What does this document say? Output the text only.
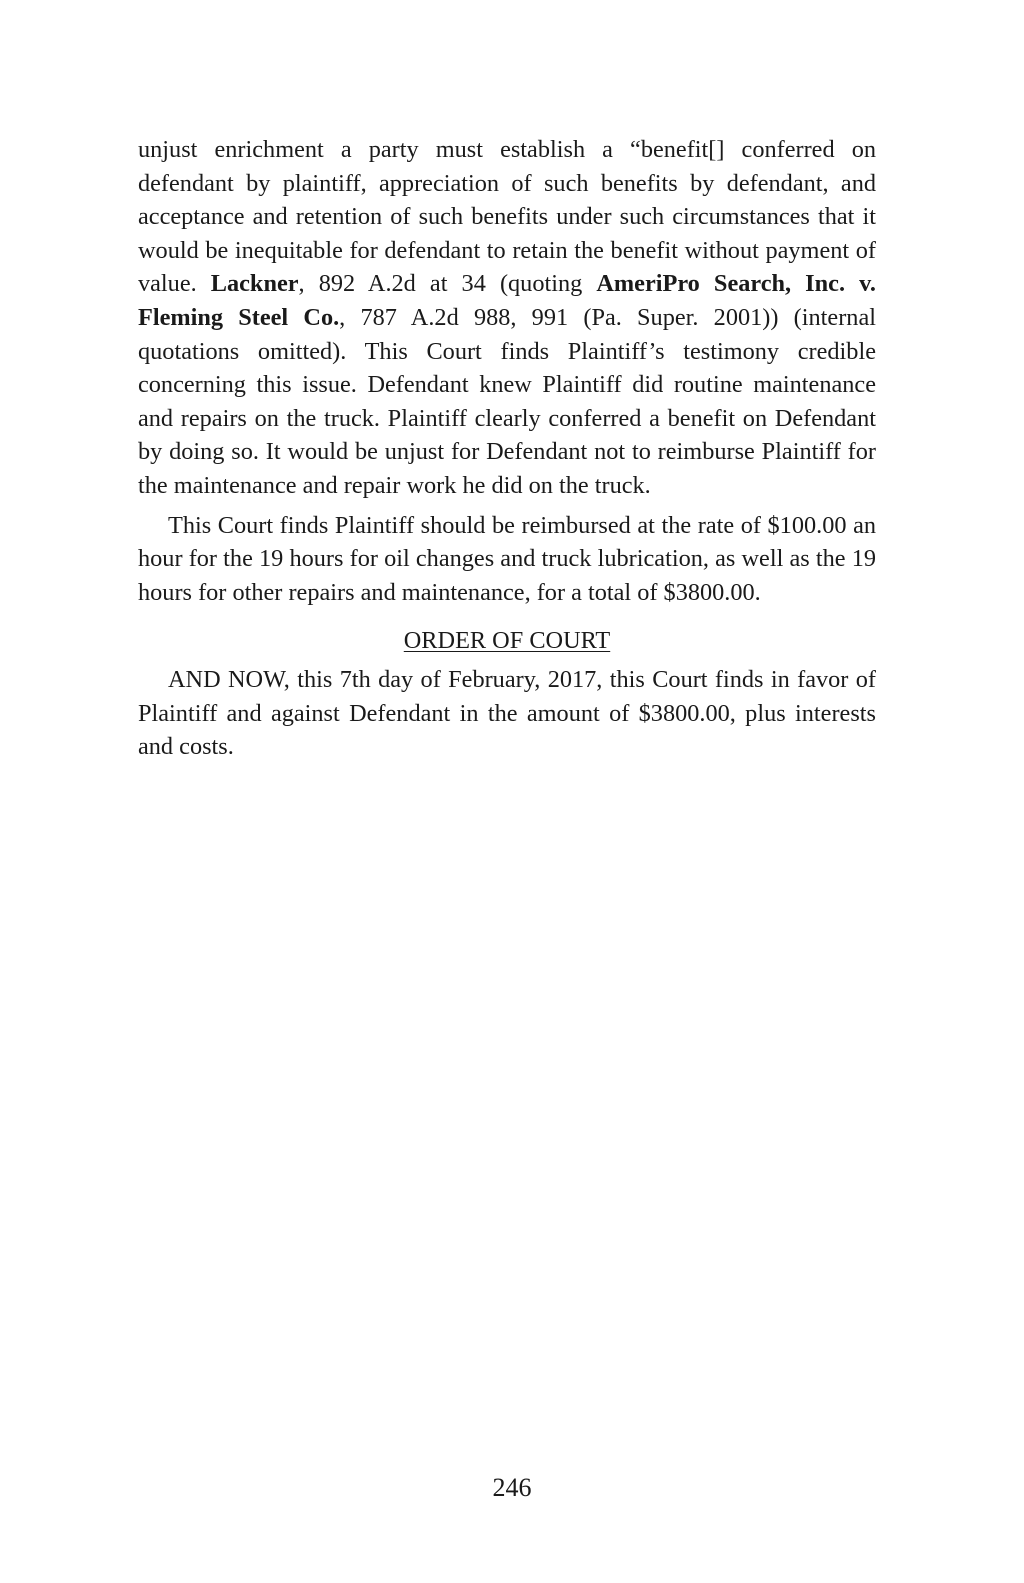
unjust enrichment a party must establish a “benefit[] conferred on defendant by plaintiff, appreciation of such benefits by defendant, and acceptance and retention of such benefits under such circumstances that it would be inequitable for defendant to retain the benefit without payment of value. Lackner, 892 A.2d at 34 (quoting AmeriPro Search, Inc. v. Fleming Steel Co., 787 A.2d 988, 991 (Pa. Super. 2001)) (internal quotations omitted). This Court finds Plaintiff’s testimony credible concerning this issue. Defendant knew Plaintiff did routine maintenance and repairs on the truck. Plaintiff clearly conferred a benefit on Defendant by doing so. It would be unjust for Defendant not to reimburse Plaintiff for the maintenance and repair work he did on the truck.

This Court finds Plaintiff should be reimbursed at the rate of $100.00 an hour for the 19 hours for oil changes and truck lubrication, as well as the 19 hours for other repairs and maintenance, for a total of $3800.00.

ORDER OF COURT

AND NOW, this 7th day of February, 2017, this Court finds in favor of Plaintiff and against Defendant in the amount of $3800.00, plus interests and costs.

246
